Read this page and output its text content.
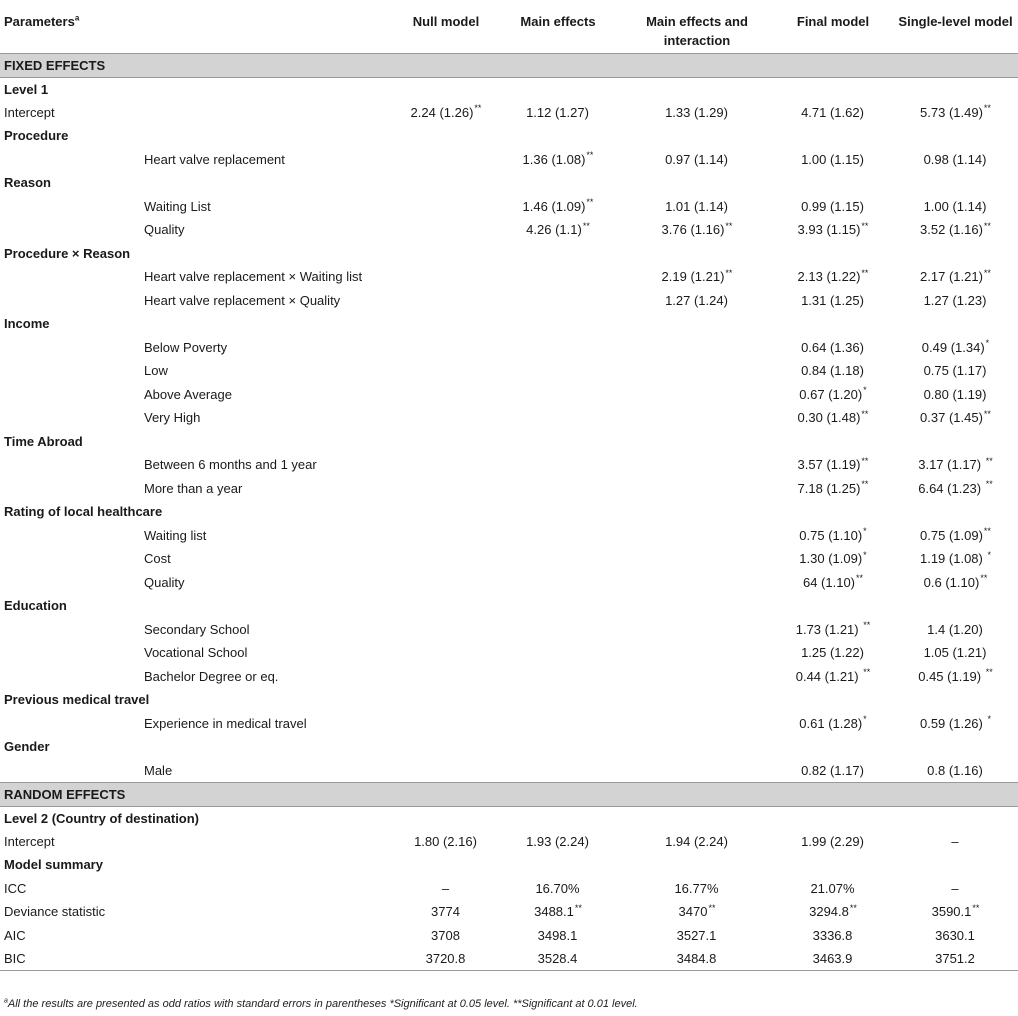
Parameters$^a$		Null model	Main effects	Main effects and interaction	Final model	Single-level model
FIXED EFFECTS						
Level 1						
Intercept		2.24 (1.26)**	1.12 (1.27)	1.33 (1.29)	4.71 (1.62)	5.73 (1.49)**
Procedure						
	Heart valve replacement		1.36 (1.08)**	0.97 (1.14)	1.00 (1.15)	0.98 (1.14)
Reason						
	Waiting List		1.46 (1.09)**	1.01 (1.14)	0.99 (1.15)	1.00 (1.14)
	Quality		4.26 (1.1)**	3.76 (1.16)**	3.93 (1.15)**	3.52 (1.16)**
Procedure × Reason						
	Heart valve replacement × Waiting list			2.19 (1.21)**	2.13 (1.22)**	2.17 (1.21)**
	Heart valve replacement × Quality			1.27 (1.24)	1.31 (1.25)	1.27 (1.23)
Income						
	Below Poverty				0.64 (1.36)	0.49 (1.34)*
	Low				0.84 (1.18)	0.75 (1.17)
	Above Average				0.67 (1.20)*	0.80 (1.19)
	Very High				0.30 (1.48)**	0.37 (1.45)**
Time Abroad						
	Between 6 months and 1 year				3.57 (1.19)**	3.17 (1.17) **
	More than a year				7.18 (1.25)**	6.64 (1.23) **
Rating of local healthcare						
	Waiting list				0.75 (1.10)*	0.75 (1.09)**
	Cost				1.30 (1.09)*	1.19 (1.08) *
	Quality				64 (1.10)**	0.6 (1.10)**
Education						
	Secondary School				1.73 (1.21) **	1.4 (1.20)
	Vocational School				1.25 (1.22)	1.05 (1.21)
	Bachelor Degree or eq.				0.44 (1.21) **	0.45 (1.19) **
Previous medical travel						
	Experience in medical travel				0.61 (1.28)*	0.59 (1.26) *
Gender						
	Male				0.82 (1.17)	0.8 (1.16)
RANDOM EFFECTS						
Level 2 (Country of destination)						
Intercept		1.80 (2.16)	1.93 (2.24)	1.94 (2.24)	1.99 (2.29)	–
Model summary						
ICC		–	16.70%	16.77%	21.07%	–
Deviance statistic		3774	3488.1**	3470**	3294.8**	3590.1**
AIC		3708	3498.1	3527.1	3336.8	3630.1
BIC		3720.8	3528.4	3484.8	3463.9	3751.2
$^a$All the results are presented as odd ratios with standard errors in parentheses *Significant at 0.05 level. **Significant at 0.01 level.
